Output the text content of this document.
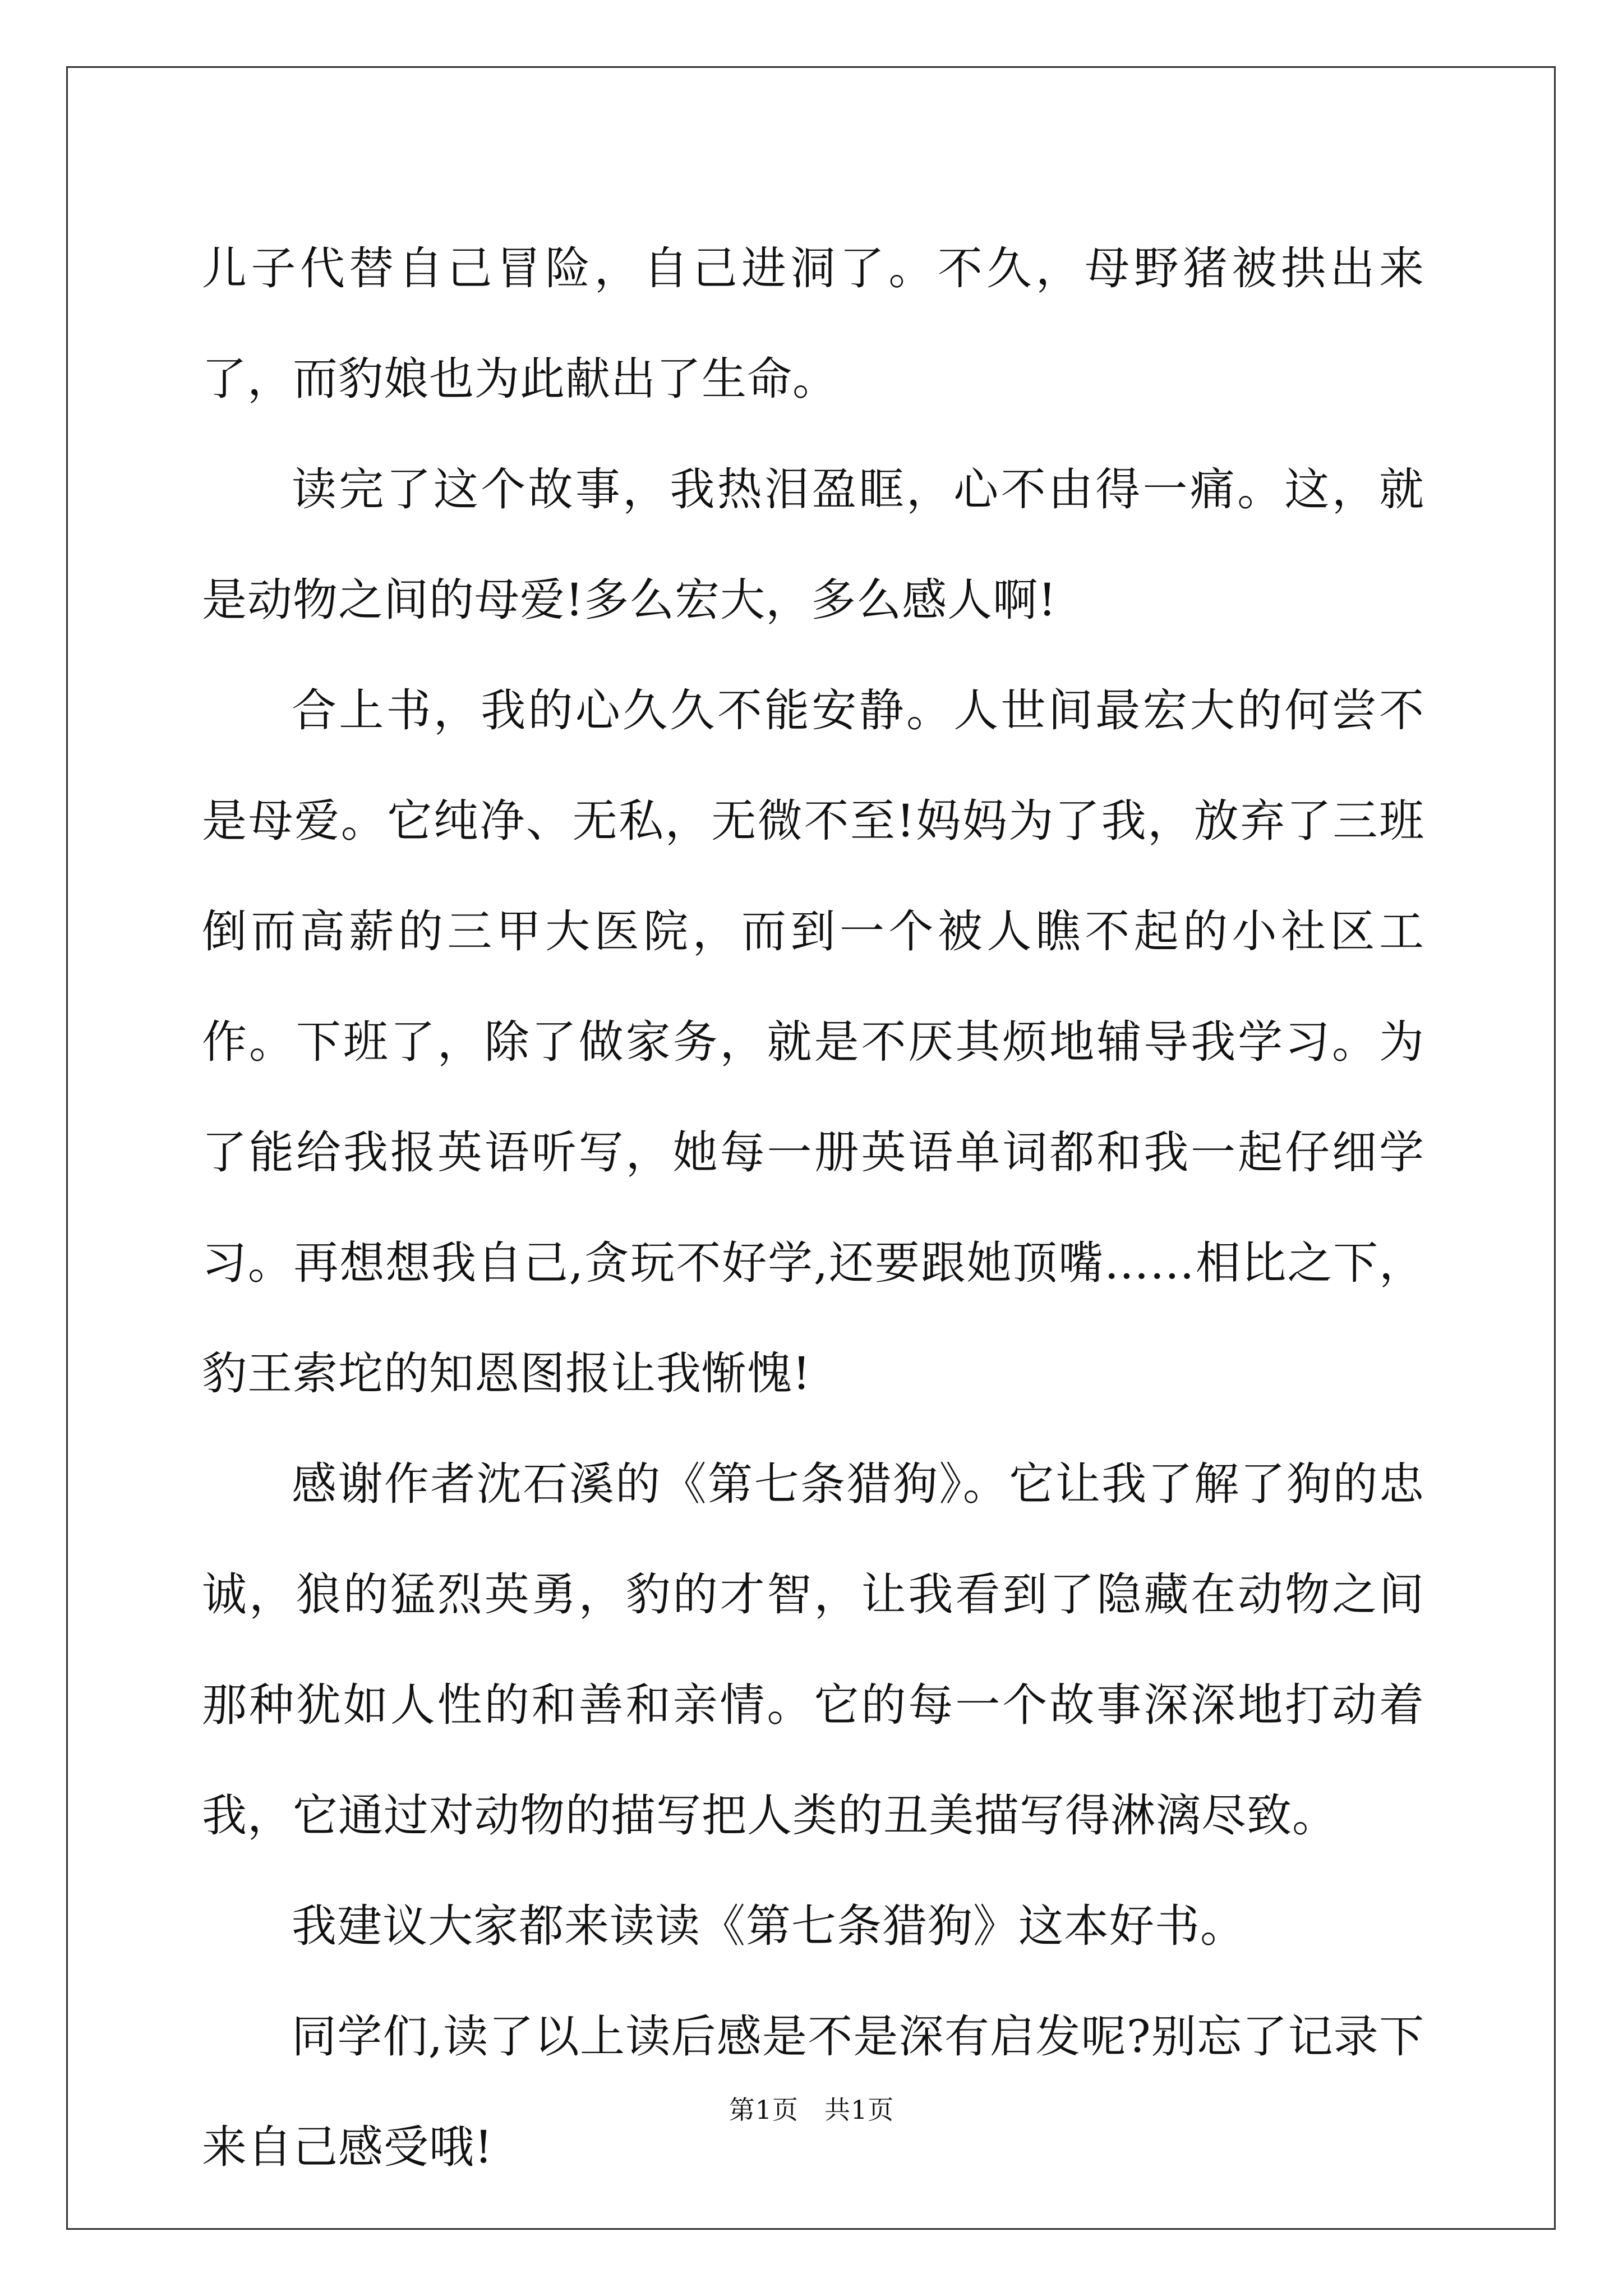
儿子代替自己冒险，自己进洞了。不久，母野猪被拱出来了，而豹娘也为此献出了生命。

读完了这个故事，我热泪盈眶，心不由得一痛。这，就是动物之间的母爱!多么宏大，多么感人啊!

合上书，我的心久久不能安静。人世间最宏大的何尝不是母爱。它纯净、无私，无微不至!妈妈为了我，放弃了三班倒而高薪的三甲大医院，而到一个被人瞧不起的小社区工作。下班了，除了做家务，就是不厌其烦地辅导我学习。为了能给我报英语听写，她每一册英语单词都和我一起仔细学习。再想想我自己,贪玩不好学,还要跟她顶嘴……相比之下，豹王索坨的知恩图报让我惭愧!

感谢作者沈石溪的《第七条猎狗》。它让我了解了狗的忠诚，狼的猛烈英勇，豹的才智，让我看到了隐藏在动物之间那种犹如人性的和善和亲情。它的每一个故事深深地打动着我，它通过对动物的描写把人类的丑美描写得淋漓尽致。

我建议大家都来读读《第七条猎狗》这本好书。

同学们,读了以上读后感是不是深有启发呢?别忘了记录下来自己感受哦!

第1页 共1页
